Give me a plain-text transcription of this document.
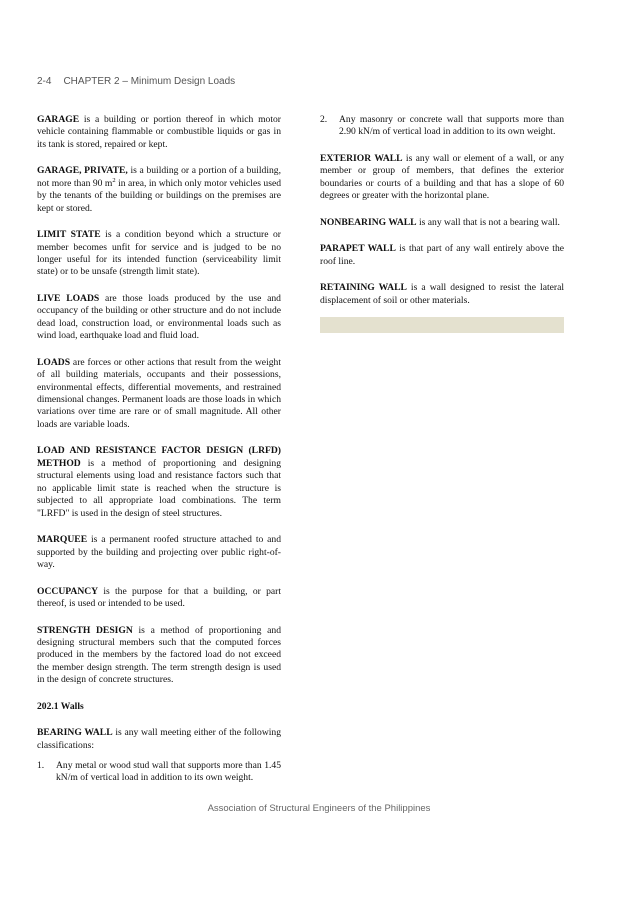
2-4 CHAPTER 2 – Minimum Design Loads

GARAGE is a building or portion thereof in which motor vehicle containing flammable or combustible liquids or gas in its tank is stored, repaired or kept.

GARAGE, PRIVATE, is a building or a portion of a building, not more than 90 $m^2$ in area, in which only motor vehicles used by the tenants of the building or buildings on the premises are kept or stored.

LIMIT STATE is a condition beyond which a structure or member becomes unfit for service and is judged to be no longer useful for its intended function (serviceability limit state) or to be unsafe (strength limit state).

LIVE LOADS are those loads produced by the use and occupancy of the building or other structure and do not include dead load, construction load, or environmental loads such as wind load, earthquake load and fluid load.

LOADS are forces or other actions that result from the weight of all building materials, occupants and their possessions, environmental effects, differential movements, and restrained dimensional changes. Permanent loads are those loads in which variations over time are rare or of small magnitude. All other loads are variable loads.

LOAD AND RESISTANCE FACTOR DESIGN (LRFD) METHOD is a method of proportioning and designing structural elements using load and resistance factors such that no applicable limit state is reached when the structure is subjected to all appropriate load combinations. The term "LRFD" is used in the design of steel structures.

MARQUEE is a permanent roofed structure attached to and supported by the building and projecting over public right-of-way.

OCCUPANCY is the purpose for that a building, or part thereof, is used or intended to be used.

STRENGTH DESIGN is a method of proportioning and designing structural members such that the computed forces produced in the members by the factored load do not exceed the member design strength. The term strength design is used in the design of concrete structures.

202.1 Walls

BEARING WALL is any wall meeting either of the following classifications:

1.	Any metal or wood stud wall that supports more than 1.45 kN/m of vertical load in addition to its own weight.
2.	Any masonry or concrete wall that supports more than 2.90 kN/m of vertical load in addition to its own weight.

EXTERIOR WALL is any wall or element of a wall, or any member or group of members, that defines the exterior boundaries or courts of a building and that has a slope of 60 degrees or greater with the horizontal plane.

NONBEARING WALL is any wall that is not a bearing wall.

PARAPET WALL is that part of any wall entirely above the roof line.

RETAINING WALL is a wall designed to resist the lateral displacement of soil or other materials.

Association of Structural Engineers of the Philippines
